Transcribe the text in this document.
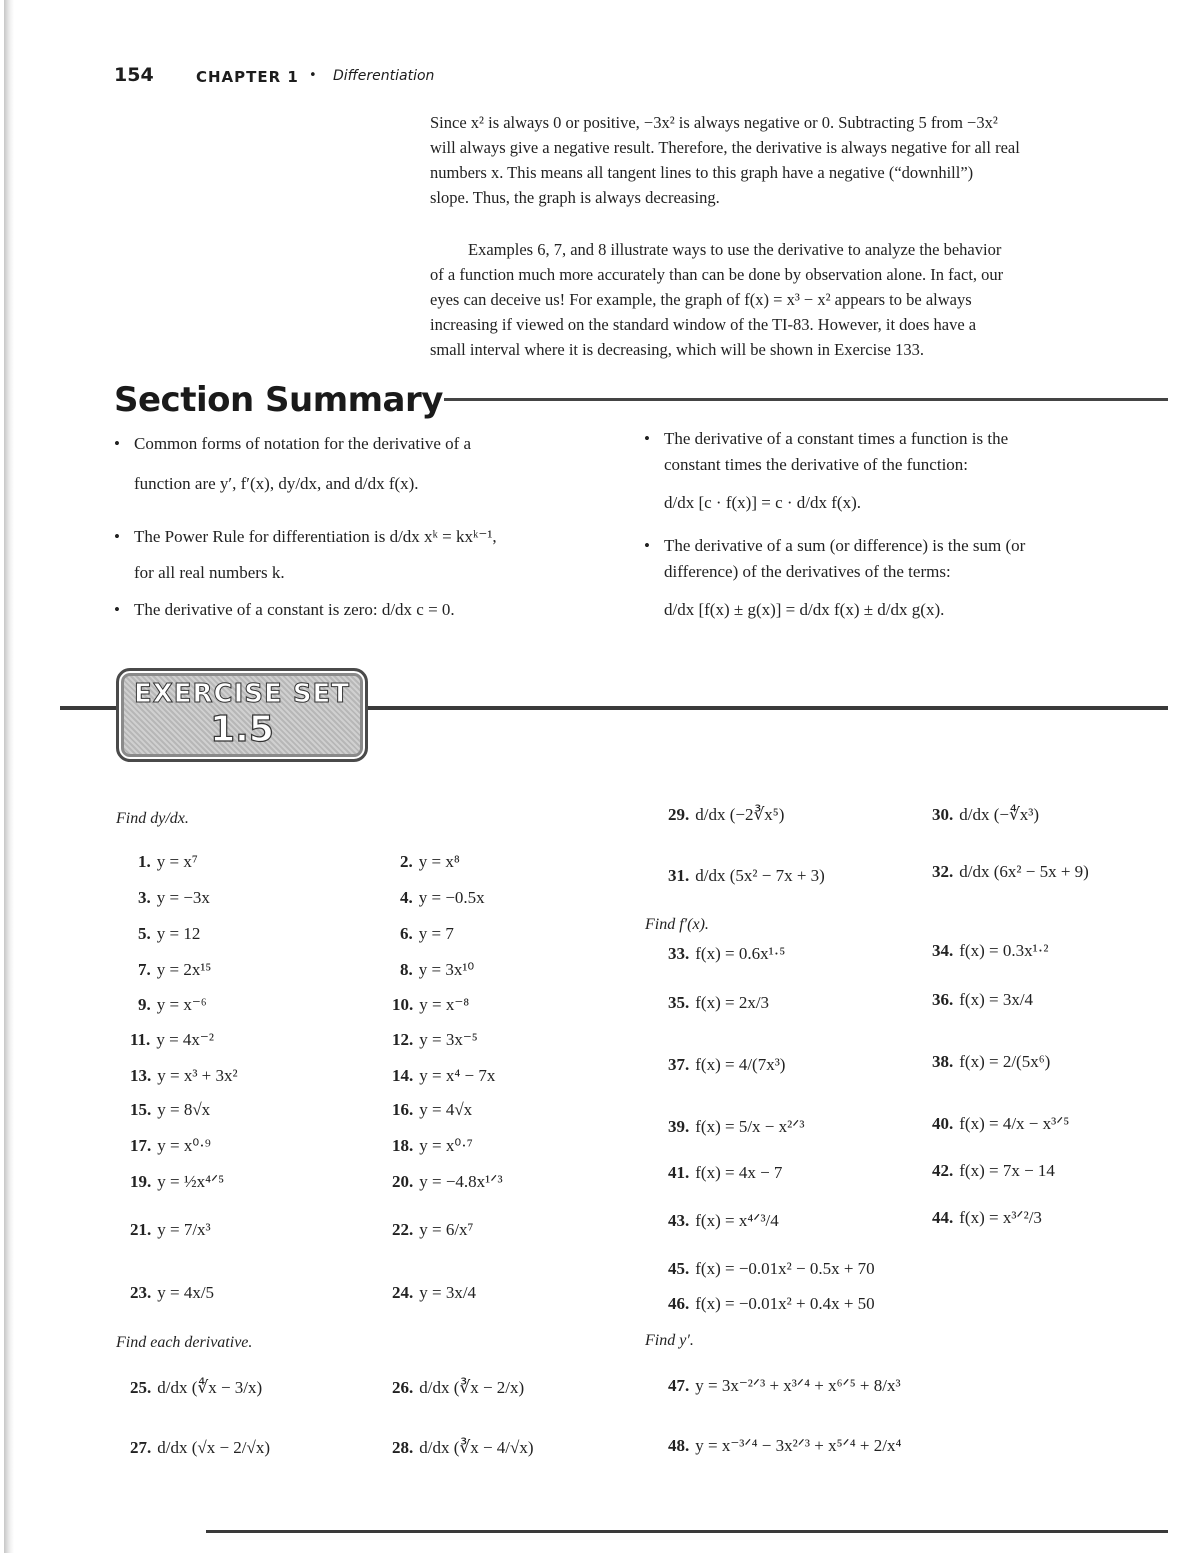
154	CHAPTER 1 • Differentiation
Since x² is always 0 or positive, −3x² is always negative or 0. Subtracting 5 from −3x²
will always give a negative result. Therefore, the derivative is always negative for all real
numbers x. This means all tangent lines to this graph have a negative (“downhill”)
slope. Thus, the graph is always decreasing.
Examples 6, 7, and 8 illustrate ways to use the derivative to analyze the behavior
of a function much more accurately than can be done by observation alone. In fact, our
eyes can deceive us! For example, the graph of f(x) = x³ − x² appears to be always
increasing if viewed on the standard window of the TI-83. However, it does have a
small interval where it is decreasing, which will be shown in Exercise 133.
Section Summary
• Common forms of notation for the derivative of a
function are y′, f′(x), dy/dx, and d/dx f(x).
• The Power Rule for differentiation is d/dx xᵏ = kxᵏ⁻¹,
for all real numbers k.
• The derivative of a constant is zero: d/dx c = 0.
• The derivative of a constant times a function is the
constant times the derivative of the function:
d/dx [c · f(x)] = c · d/dx f(x).
• The derivative of a sum (or difference) is the sum (or
difference) of the derivatives of the terms:
d/dx [f(x) ± g(x)] = d/dx f(x) ± d/dx g(x).
EXERCISE SET
1.5
Find dy/dx.
Find each derivative.
Find f′(x).
Find y′.
1. y = x⁷	2. y = x⁸
3. y = −3x	4. y = −0.5x
5. y = 12	6. y = 7
7. y = 2x¹⁵	8. y = 3x¹⁰
9. y = x⁻⁶	10. y = x⁻⁸
11. y = 4x⁻²	12. y = 3x⁻⁵
13. y = x³ + 3x²	14. y = x⁴ − 7x
15. y = 8√x	16. y = 4√x
17. y = x⁰·⁹	18. y = x⁰·⁷
19. y = ½x⁴ᐟ⁵	20. y = −4.8x¹ᐟ³
21. y = 7/x³	22. y = 6/x⁷
23. y = 4x/5	24. y = 3x/4
25. d/dx (∜x − 3/x)	26. d/dx (∛x − 2/x)
27. d/dx (√x − 2/√x)	28. d/dx (∛x − 4/√x)
29. d/dx (−2∛x⁵)	30. d/dx (−∜x³)
31. d/dx (5x² − 7x + 3)	32. d/dx (6x² − 5x + 9)
33. f(x) = 0.6x¹·⁵	34. f(x) = 0.3x¹·²
35. f(x) = 2x/3	36. f(x) = 3x/4
37. f(x) = 4/(7x³)	38. f(x) = 2/(5x⁶)
39. f(x) = 5/x − x²ᐟ³	40. f(x) = 4/x − x³ᐟ⁵
41. f(x) = 4x − 7	42. f(x) = 7x − 14
43. f(x) = x⁴ᐟ³/4	44. f(x) = x³ᐟ²/3
45. f(x) = −0.01x² − 0.5x + 70
46. f(x) = −0.01x² + 0.4x + 50
47. y = 3x⁻²ᐟ³ + x³ᐟ⁴ + x⁶ᐟ⁵ + 8/x³
48. y = x⁻³ᐟ⁴ − 3x²ᐟ³ + x⁵ᐟ⁴ + 2/x⁴
